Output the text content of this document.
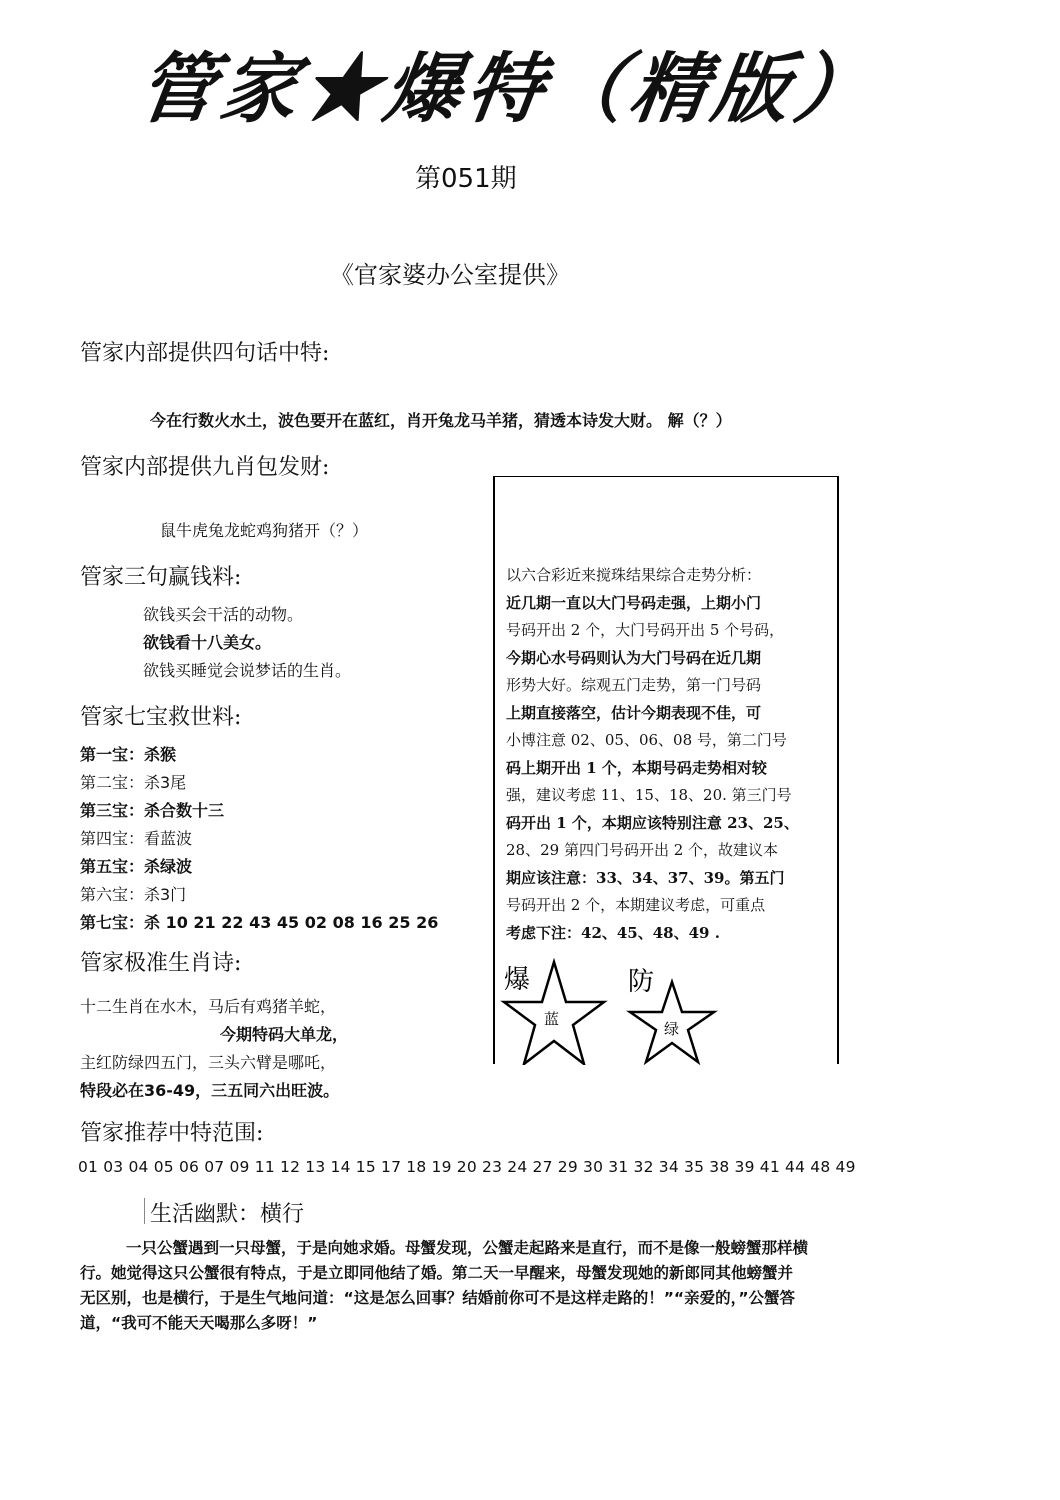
管家★爆特（精版）
第051期
《官家婆办公室提供》
管家内部提供四句话中特:
今在行数火水土，波色要开在蓝红，肖开兔龙马羊猪，猜透本诗发大财。 解（？）
管家内部提供九肖包发财:
鼠牛虎兔龙蛇鸡狗猪开（？）
管家三句赢钱料:
欲钱买会干活的动物。
欲钱看十八美女。
欲钱买睡觉会说梦话的生肖。
管家七宝救世料:
第一宝：杀猴
第二宝：杀3尾
第三宝：杀合数十三
第四宝：看蓝波
第五宝：杀绿波
第六宝：杀3门
第七宝：杀 10 21 22 43 45 02 08 16 25 26
管家极准生肖诗:
十二生肖在水木，马后有鸡猪羊蛇，
今期特码大单龙，
主红防绿四五门，三头六臂是哪吒，
特段必在36-49，三五同六出旺波。
以六合彩近来搅珠结果综合走势分析：
近几期一直以大门号码走强，上期小门
号码开出 2 个，大门号码开出 5 个号码，
今期心水号码则认为大门号码在近几期
形势大好。综观五门走势，第一门号码
上期直接落空，估计今期表现不佳，可
小博注意 02、05、06、08 号，第二门号
码上期开出 1 个，本期号码走势相对较
强，建议考虑 11、15、18、20. 第三门号
码开出 1 个，本期应该特别注意 23、25、
28、29 第四门号码开出 2 个，故建议本
期应该注意：33、34、37、39。第五门
号码开出 2 个，本期建议考虑，可重点
考虑下注：42、45、48、49 .
爆
蓝
防
绿
管家推荐中特范围:
01 03 04 05 06 07 09 11 12 13 14 15 17 18 19 20 23 24 27 29 30 31 32 34 35 38 39 41 44 48 49
生活幽默：横行
一只公蟹遇到一只母蟹，于是向她求婚。母蟹发现，公蟹走起路来是直行，而不是像一般螃蟹那样横
行。她觉得这只公蟹很有特点，于是立即同他结了婚。第二天一早醒来，母蟹发现她的新郎同其他螃蟹并
无区别，也是横行，于是生气地问道：“这是怎么回事？结婚前你可不是这样走路的！”“亲爱的，”公蟹答
道，“我可不能天天喝那么多呀！”
